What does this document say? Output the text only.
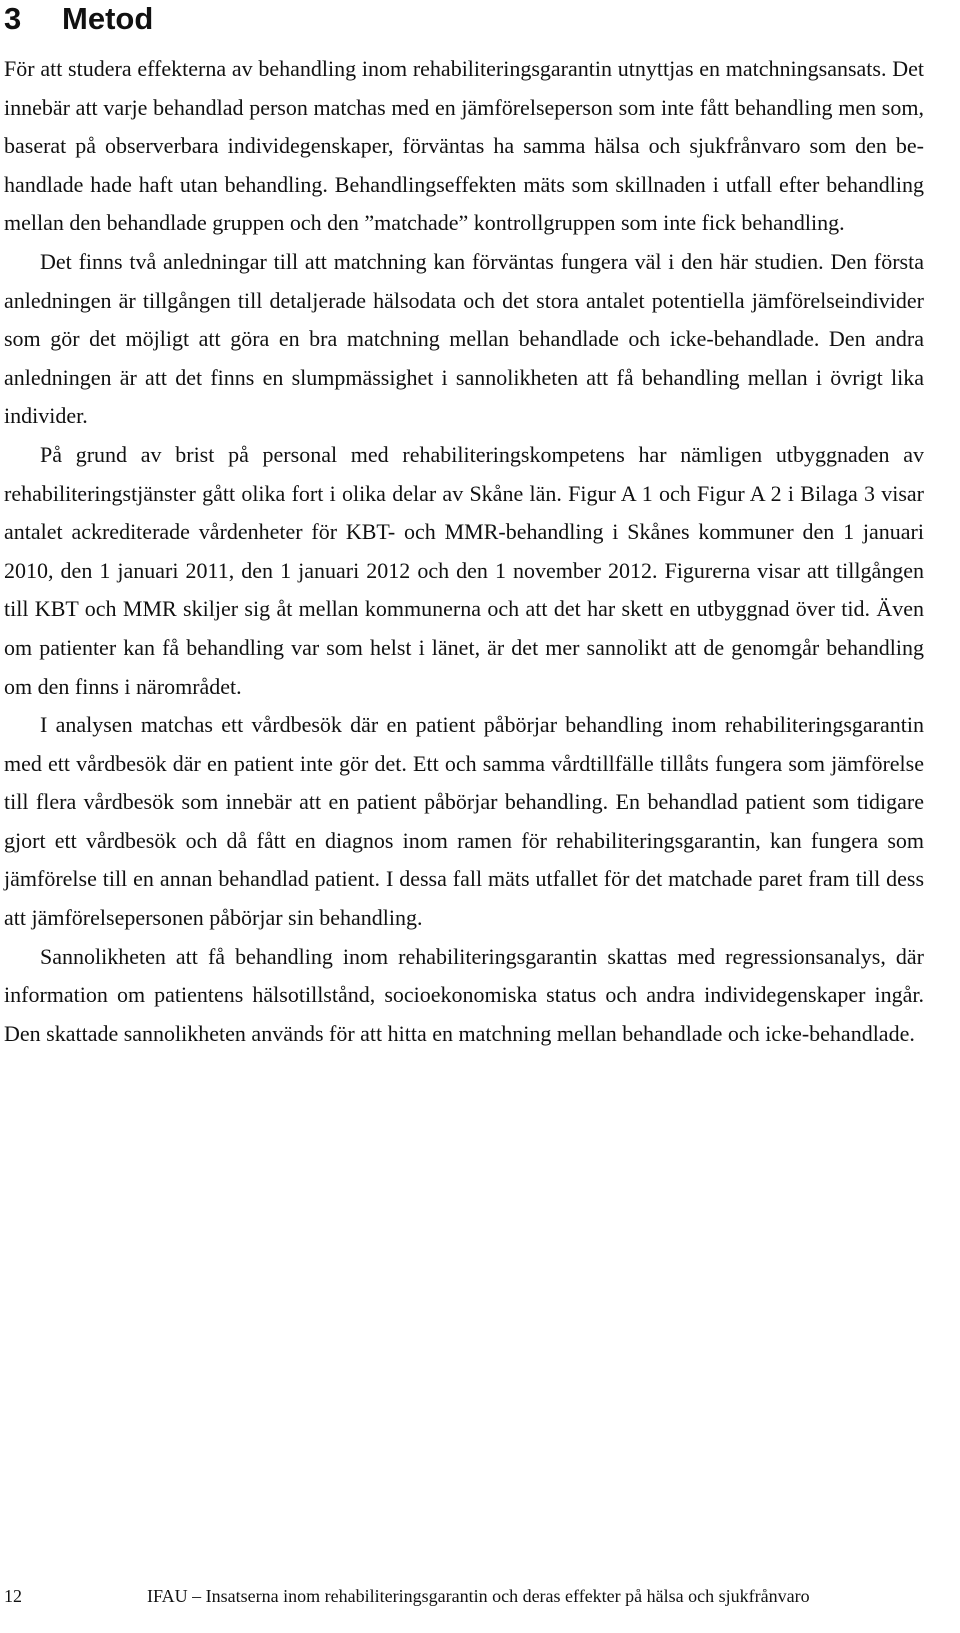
3 Metod

För att studera effekterna av behandling inom rehabiliteringsgarantin utnyttjas en matchningsansats. Det innebär att varje behandlad person matchas med en jämförelseperson som inte fått behandling men som, baserat på observerbara individegenskaper, förväntas ha samma hälsa och sjukfrånvaro som den behandlade hade haft utan behandling. Behandlingseffekten mäts som skillnaden i utfall efter behandling mellan den behandlade gruppen och den ”matchade” kontrollgruppen som inte fick behandling.

Det finns två anledningar till att matchning kan förväntas fungera väl i den här studien. Den första anledningen är tillgången till detaljerade hälsodata och det stora antalet potentiella jämförelseindivider som gör det möjligt att göra en bra matchning mellan behandlade och icke-behandlade. Den andra anledningen är att det finns en slumpmässighet i sannolikheten att få behandling mellan i övrigt lika individer.

På grund av brist på personal med rehabiliteringskompetens har nämligen utbyggnaden av rehabiliteringstjänster gått olika fort i olika delar av Skåne län. Figur A 1 och Figur A 2 i Bilaga 3 visar antalet ackrediterade vårdenheter för KBT- och MMR-behandling i Skånes kommuner den 1 januari 2010, den 1 januari 2011, den 1 januari 2012 och den 1 november 2012. Figurerna visar att tillgången till KBT och MMR skiljer sig åt mellan kommunerna och att det har skett en utbyggnad över tid. Även om patienter kan få behandling var som helst i länet, är det mer sannolikt att de genomgår behandling om den finns i närområdet.

I analysen matchas ett vårdbesök där en patient påbörjar behandling inom rehabiliteringsgarantin med ett vårdbesök där en patient inte gör det. Ett och samma vårdtillfälle tillåts fungera som jämförelse till flera vårdbesök som innebär att en patient påbörjar behandling. En behandlad patient som tidigare gjort ett vårdbesök och då fått en diagnos inom ramen för rehabiliteringsgarantin, kan fungera som jämförelse till en annan behandlad patient. I dessa fall mäts utfallet för det matchade paret fram till dess att jämförelsepersonen påbörjar sin behandling.

Sannolikheten att få behandling inom rehabiliteringsgarantin skattas med regressionsanalys, där information om patientens hälsotillstånd, socioekonomiska status och andra individegenskaper ingår. Den skattade sannolikheten används för att hitta en matchning mellan behandlade och icke-behandlade.

12	IFAU – Insatserna inom rehabiliteringsgarantin och deras effekter på hälsa och sjukfrånvaro
